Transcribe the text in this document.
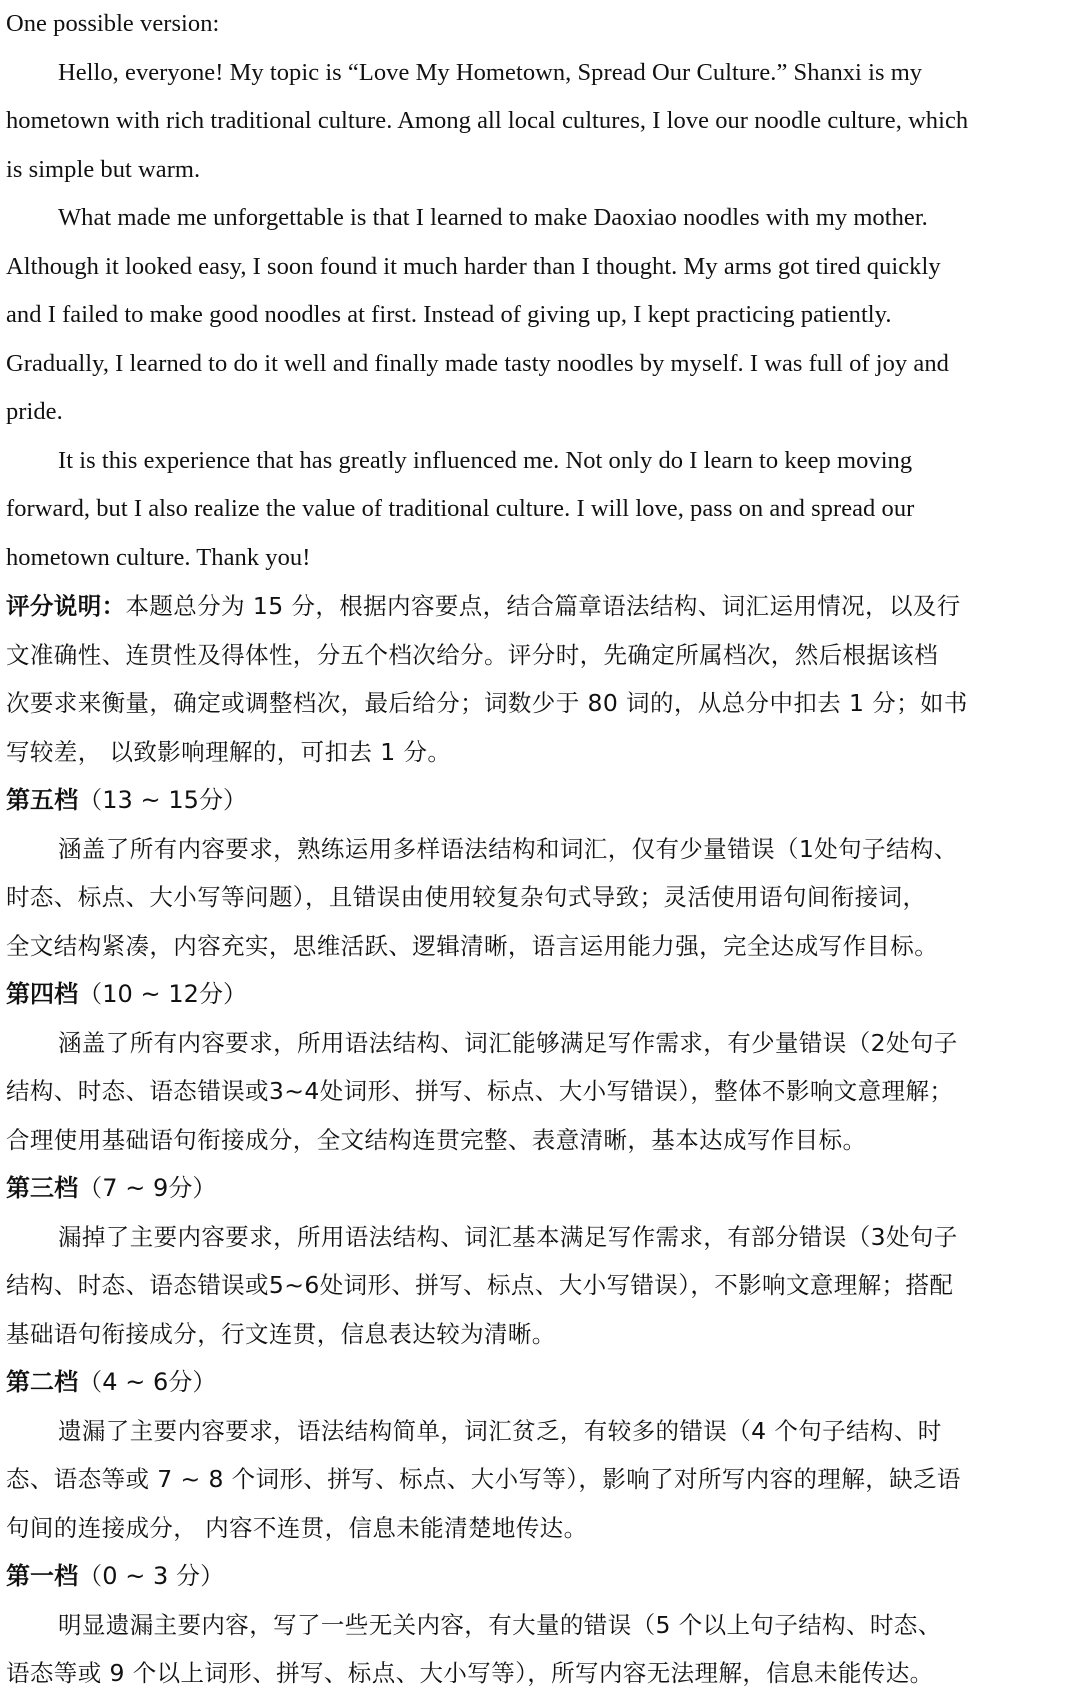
One possible version:
Hello, everyone! My topic is “Love My Hometown, Spread Our Culture.” Shanxi is my
hometown with rich traditional culture. Among all local cultures, I love our noodle culture, which
is simple but warm.
What made me unforgettable is that I learned to make Daoxiao noodles with my mother.
Although it looked easy, I soon found it much harder than I thought. My arms got tired quickly
and I failed to make good noodles at first. Instead of giving up, I kept practicing patiently.
Gradually, I learned to do it well and finally made tasty noodles by myself. I was full of joy and
pride.
It is this experience that has greatly influenced me. Not only do I learn to keep moving
forward, but I also realize the value of traditional culture. I will love, pass on and spread our
hometown culture. Thank you!
评分说明：本题总分为 15 分，根据内容要点，结合篇章语法结构、词汇运用情况，以及行
文准确性、连贯性及得体性，分五个档次给分。评分时，先确定所属档次，然后根据该档
次要求来衡量，确定或调整档次，最后给分；词数少于 80 词的，从总分中扣去 1 分；如书
写较差， 以致影响理解的，可扣去 1 分。
第五档（13 ~ 15分）
涵盖了所有内容要求，熟练运用多样语法结构和词汇，仅有少量错误（1处句子结构、
时态、标点、大小写等问题），且错误由使用较复杂句式导致；灵活使用语句间衔接词，
全文结构紧凑，内容充实，思维活跃、逻辑清晰，语言运用能力强，完全达成写作目标。
第四档（10 ~ 12分）
涵盖了所有内容要求，所用语法结构、词汇能够满足写作需求，有少量错误（2处句子
结构、时态、语态错误或3~4处词形、拼写、标点、大小写错误），整体不影响文意理解；
合理使用基础语句衔接成分，全文结构连贯完整、表意清晰，基本达成写作目标。
第三档（7 ~ 9分）
漏掉了主要内容要求，所用语法结构、词汇基本满足写作需求，有部分错误（3处句子
结构、时态、语态错误或5~6处词形、拼写、标点、大小写错误），不影响文意理解；搭配
基础语句衔接成分，行文连贯，信息表达较为清晰。
第二档（4 ~ 6分）
遗漏了主要内容要求，语法结构简单，词汇贫乏，有较多的错误（4 个句子结构、时
态、语态等或 7 ~ 8 个词形、拼写、标点、大小写等），影响了对所写内容的理解，缺乏语
句间的连接成分， 内容不连贯，信息未能清楚地传达。
第一档（0 ~ 3 分）
明显遗漏主要内容，写了一些无关内容，有大量的错误（5 个以上句子结构、时态、
语态等或 9 个以上词形、拼写、标点、大小写等），所写内容无法理解，信息未能传达。
